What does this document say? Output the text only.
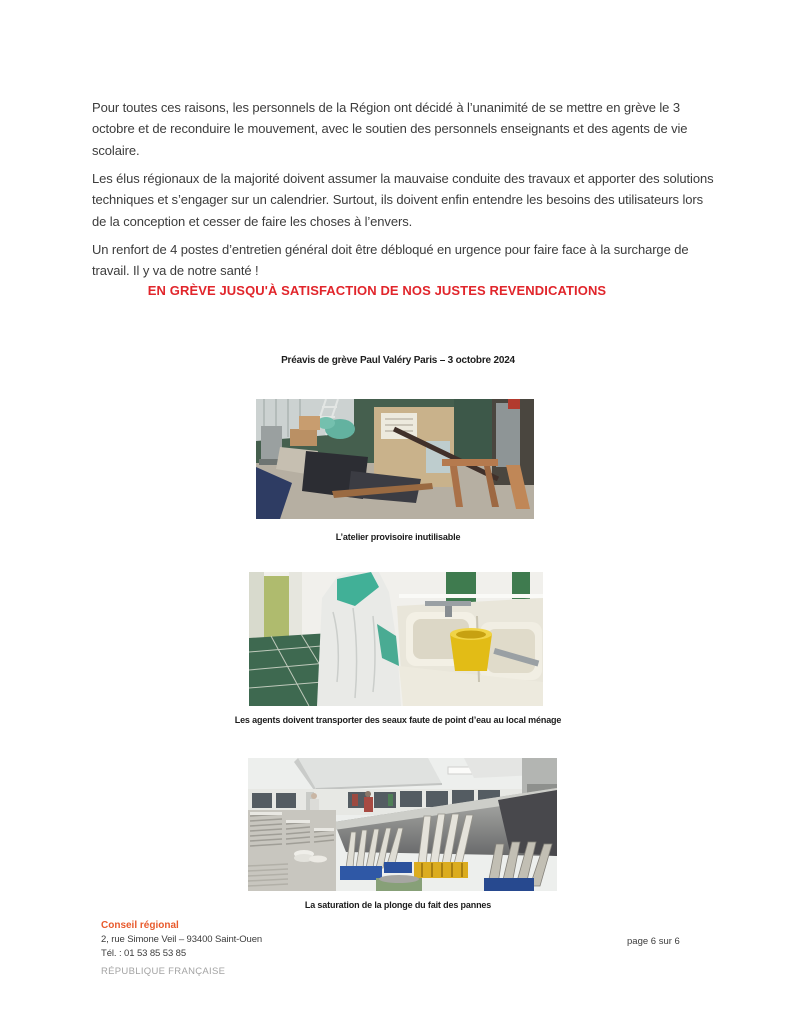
Pour toutes ces raisons, les personnels de la Région ont décidé à l’unanimité de se mettre en grève le 3 octobre et de reconduire le mouvement, avec le soutien des personnels enseignants et des agents de vie scolaire.

Les élus régionaux de la majorité doivent assumer la mauvaise conduite des travaux et apporter des solutions techniques et s’engager sur un calendrier. Surtout, ils doivent enfin entendre les besoins des utilisateurs lors de la conception et cesser de faire les choses à l’envers.

Un renfort de 4 postes d’entretien général doit être débloqué en urgence pour faire face à la surcharge de travail. Il y va de notre santé !

EN GRÈVE JUSQU'À SATISFACTION DE NOS JUSTES REVENDICATIONS
Préavis de grève Paul Valéry Paris – 3 octobre 2024
L’atelier provisoire inutilisable
Les agents doivent transporter des seaux faute de point d’eau au local ménage
La saturation de la plonge du fait des pannes
Conseil régional
2, rue Simone Veil – 93400 Saint-Ouen
Tél. : 01 53 85 53 85
RÉPUBLIQUE FRANÇAISE
page 6 sur 6
